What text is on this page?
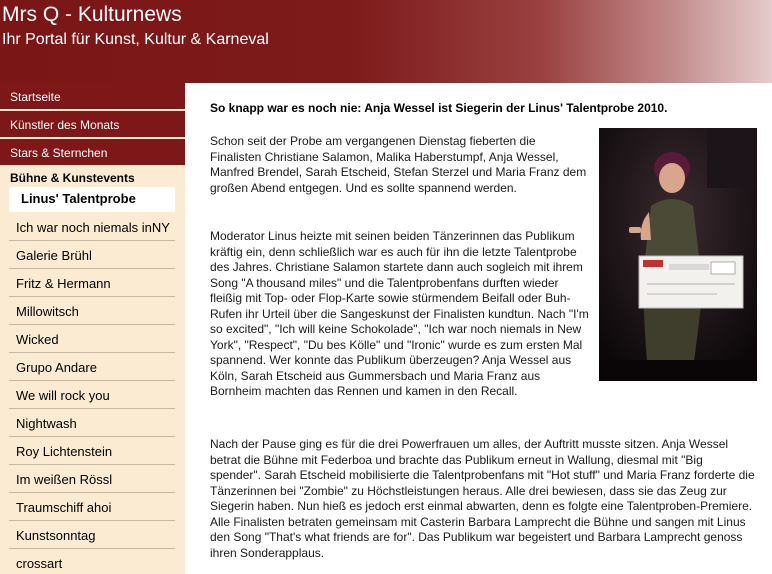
Mrs Q - Kulturnews
Ihr Portal für Kunst, Kultur & Karneval
Startseite
Künstler des Monats
Stars & Sternchen
Bühne & Kunstevents
Linus' Talentprobe
Ich war noch niemals inNY
Galerie Brühl
Fritz & Hermann
Millowitsch
Wicked
Grupo Andare
We will rock you
Nightwash
Roy Lichtenstein
Im weißen Rössl
Traumschiff ahoi
Kunstsonntag
crossart
So knapp war es noch nie: Anja Wessel ist Siegerin der Linus' Talentprobe 2010.

Schon seit der Probe am vergangenen Dienstag fieberten die Finalisten Christiane Salamon, Malika Haberstumpf, Anja Wessel, Manfred Brendel, Sarah Etscheid, Stefan Sterzel und Maria Franz dem großen Abend entgegen. Und es sollte spannend werden.

Moderator Linus heizte mit seinen beiden Tänzerinnen das Publikum kräftig ein, denn schließlich war es auch für ihn die letzte Talentprobe des Jahres. Christiane Salamon startete dann auch sogleich mit ihrem Song "A thousand miles" und die Talentprobenfans durften wieder fleißig mit Top- oder Flop-Karte sowie stürmendem Beifall oder Buh-Rufen ihr Urteil über die Sangeskunst der Finalisten kundtun. Nach "I'm so excited", "Ich will keine Schokolade", "Ich war noch niemals in New York", "Respect", "Du bes Kölle" und "Ironic" wurde es zum ersten Mal spannend. Wer konnte das Publikum überzeugen? Anja Wessel aus Köln, Sarah Etscheid aus Gummersbach und Maria Franz aus Bornheim machten das Rennen und kamen in den Recall.

Nach der Pause ging es für die drei Powerfrauen um alles, der Auftritt musste sitzen. Anja Wessel betrat die Bühne mit Federboa und brachte das Publikum erneut in Wallung, diesmal mit "Big spender". Sarah Etscheid mobilisierte die Talentprobenfans mit "Hot stuff" und Maria Franz forderte die Tänzerinnen bei "Zombie" zu Höchstleistungen heraus. Alle drei bewiesen, dass sie das Zeug zur Siegerin haben. Nun hieß es jedoch erst einmal abwarten, denn es folgte eine Talentproben-Premiere. Alle Finalisten betraten gemeinsam mit Casterin Barbara Lamprecht die Bühne und sangen mit Linus den Song "That's what friends are for". Das Publikum war begeistert und Barbara Lamprecht genoss ihren Sonderapplaus.
